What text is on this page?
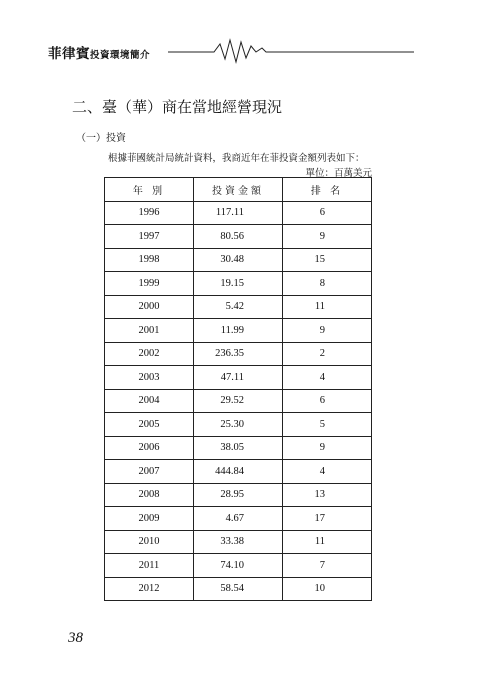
菲律賓投資環境簡介
二、臺（華）商在當地經營現況
（一）投資
根據菲國統計局統計資料，我商近年在菲投資金額列表如下：
單位：百萬美元
年 別	投資金額	排 名
1996	117.11	6
1997	80.56	9
1998	30.48	15
1999	19.15	8
2000	5.42	11
2001	11.99	9
2002	236.35	2
2003	47.11	4
2004	29.52	6
2005	25.30	5
2006	38.05	9
2007	444.84	4
2008	28.95	13
2009	4.67	17
2010	33.38	11
2011	74.10	7
2012	58.54	10
38
